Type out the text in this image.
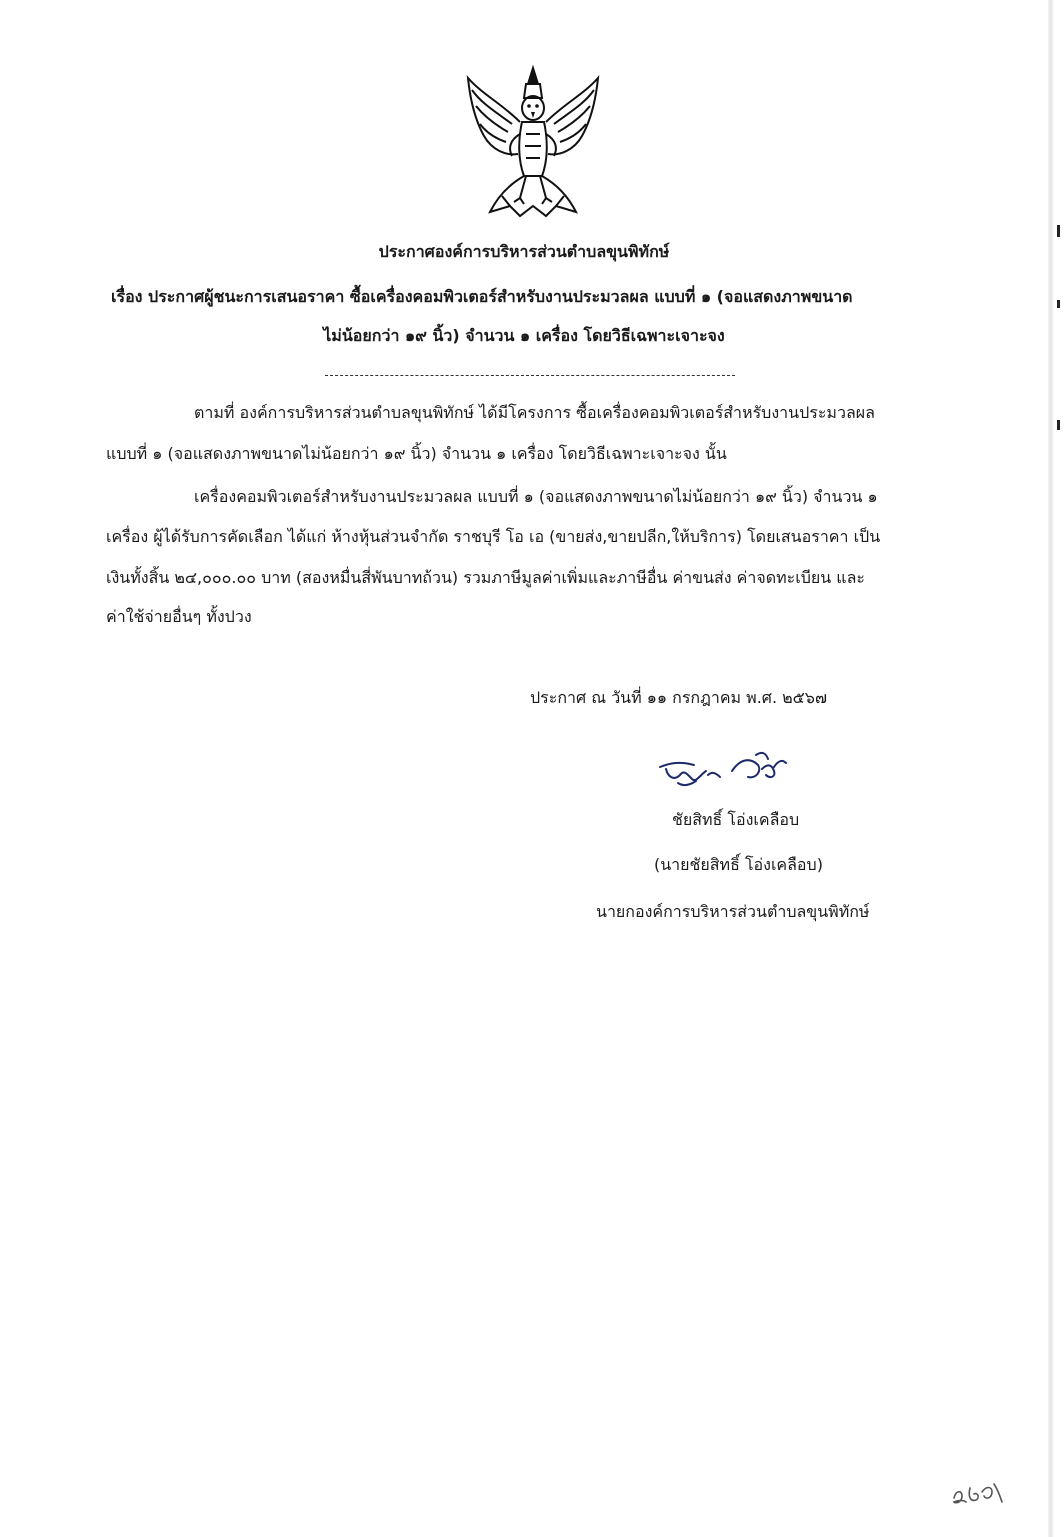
ประกาศองค์การบริหารส่วนตำบลขุนพิทักษ์
เรื่อง ประกาศผู้ชนะการเสนอราคา ซื้อเครื่องคอมพิวเตอร์สำหรับงานประมวลผล แบบที่ ๑ (จอแสดงภาพขนาด
ไม่น้อยกว่า ๑๙ นิ้ว) จำนวน ๑ เครื่อง โดยวิธีเฉพาะเจาะจง
ตามที่ องค์การบริหารส่วนตำบลขุนพิทักษ์ ได้มีโครงการ ซื้อเครื่องคอมพิวเตอร์สำหรับงานประมวลผล
แบบที่ ๑ (จอแสดงภาพขนาดไม่น้อยกว่า ๑๙ นิ้ว) จำนวน ๑ เครื่อง โดยวิธีเฉพาะเจาะจง นั้น
เครื่องคอมพิวเตอร์สำหรับงานประมวลผล แบบที่ ๑ (จอแสดงภาพขนาดไม่น้อยกว่า ๑๙ นิ้ว) จำนวน ๑
เครื่อง ผู้ได้รับการคัดเลือก ได้แก่ ห้างหุ้นส่วนจำกัด ราชบุรี โอ เอ (ขายส่ง,ขายปลีก,ให้บริการ) โดยเสนอราคา เป็น
เงินทั้งสิ้น ๒๔,๐๐๐.๐๐ บาท (สองหมื่นสี่พันบาทถ้วน) รวมภาษีมูลค่าเพิ่มและภาษีอื่น ค่าขนส่ง ค่าจดทะเบียน และ
ค่าใช้จ่ายอื่นๆ ทั้งปวง
ประกาศ ณ วันที่ ๑๑ กรกฎาคม พ.ศ. ๒๕๖๗
ชัยสิทธิ์ โอ่งเคลือบ
(นายชัยสิทธิ์ โอ่งเคลือบ)
นายกองค์การบริหารส่วนตำบลขุนพิทักษ์
